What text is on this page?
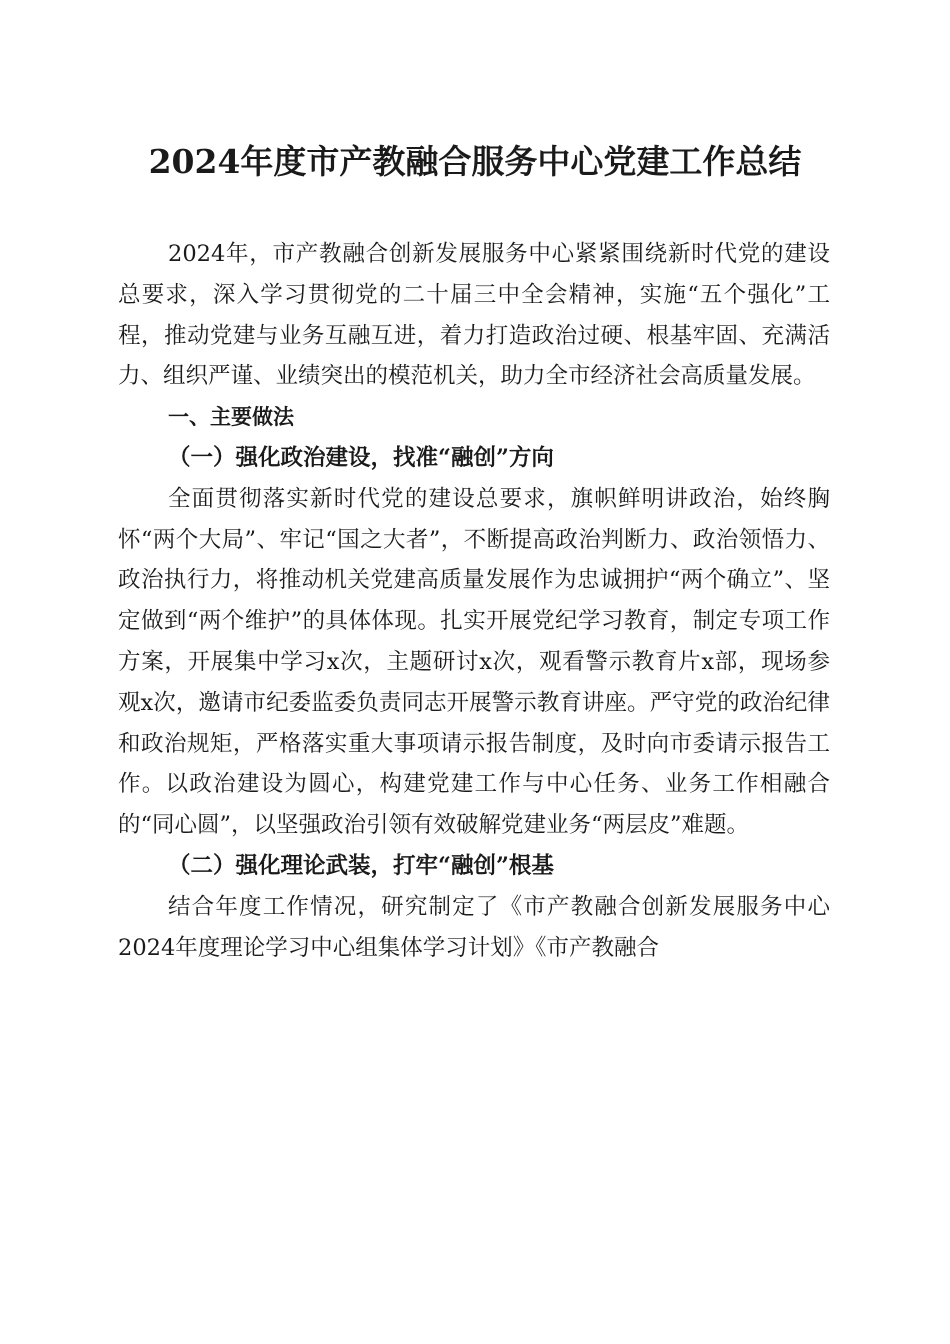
2024年度市产教融合服务中心党建工作总结

2024年，市产教融合创新发展服务中心紧紧围绕新时代党的建设总要求，深入学习贯彻党的二十届三中全会精神，实施“五个强化”工程，推动党建与业务互融互进，着力打造政治过硬、根基牢固、充满活力、组织严谨、业绩突出的模范机关，助力全市经济社会高质量发展。

一、主要做法

（一）强化政治建设，找准“融创”方向

全面贯彻落实新时代党的建设总要求，旗帜鲜明讲政治，始终胸怀“两个大局”、牢记“国之大者”，不断提高政治判断力、政治领悟力、政治执行力，将推动机关党建高质量发展作为忠诚拥护“两个确立”、坚定做到“两个维护”的具体体现。扎实开展党纪学习教育，制定专项工作方案，开展集中学习x次，主题研讨x次，观看警示教育片x部，现场参观x次，邀请市纪委监委负责同志开展警示教育讲座。严守党的政治纪律和政治规矩，严格落实重大事项请示报告制度，及时向市委请示报告工作。以政治建设为圆心，构建党建工作与中心任务、业务工作相融合的“同心圆”，以坚强政治引领有效破解党建业务“两层皮”难题。

（二）强化理论武装，打牢“融创”根基

结合年度工作情况，研究制定了《市产教融合创新发展服务中心2024年度理论学习中心组集体学习计划》《市产教融合
